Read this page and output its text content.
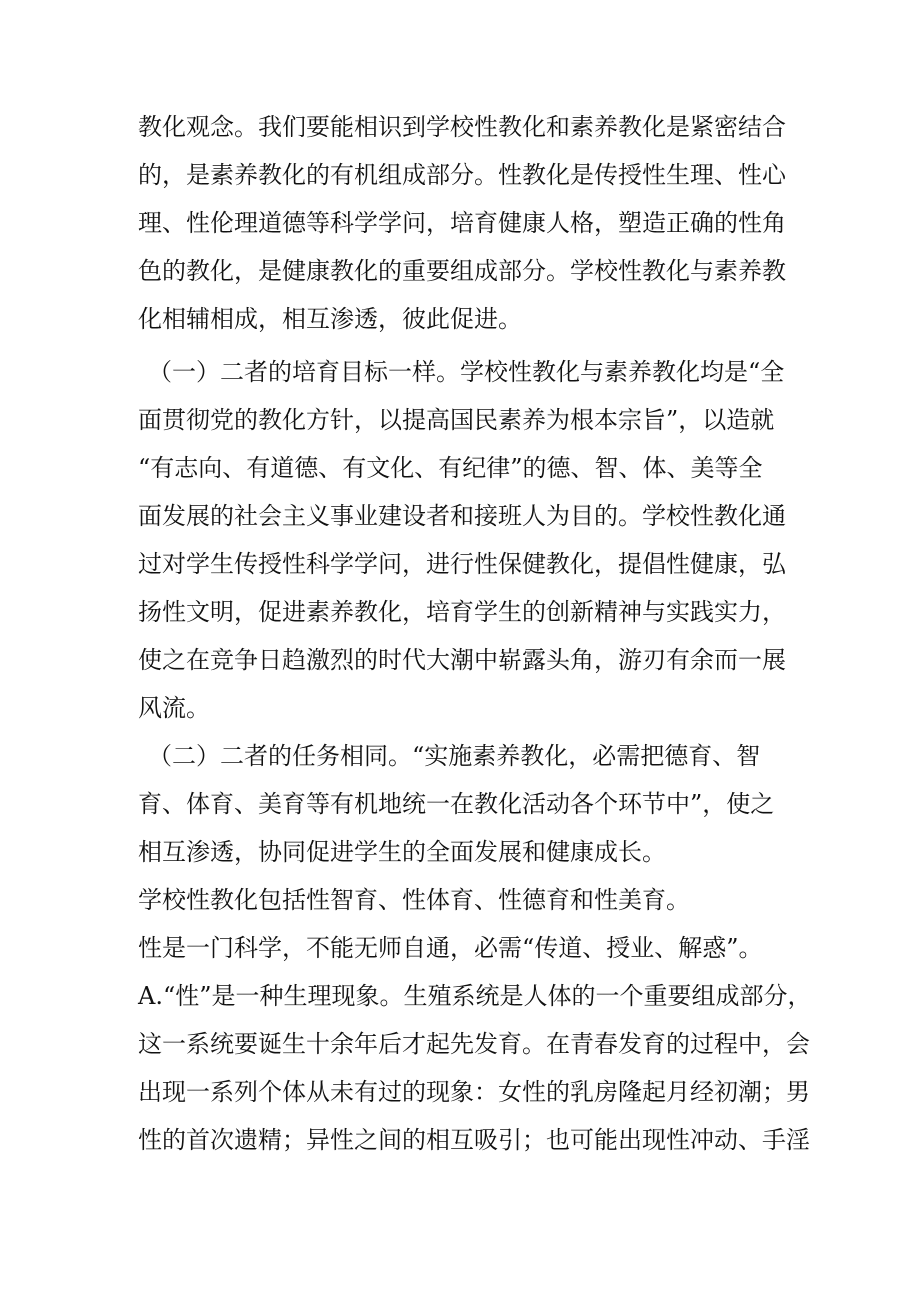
教化观念。我们要能相识到学校性教化和素养教化是紧密结合
的，是素养教化的有机组成部分。性教化是传授性生理、性心
理、性伦理道德等科学学问，培育健康人格，塑造正确的性角
色的教化，是健康教化的重要组成部分。学校性教化与素养教
化相辅相成，相互渗透，彼此促进。
（一）二者的培育目标一样。学校性教化与素养教化均是“全
面贯彻党的教化方针，以提高国民素养为根本宗旨”，以造就
“有志向、有道德、有文化、有纪律”的德、智、体、美等全
面发展的社会主义事业建设者和接班人为目的。学校性教化通
过对学生传授性科学学问，进行性保健教化，提倡性健康，弘
扬性文明，促进素养教化，培育学生的创新精神与实践实力，
使之在竞争日趋激烈的时代大潮中崭露头角，游刃有余而一展
风流。
（二）二者的任务相同。“实施素养教化，必需把德育、智
育、体育、美育等有机地统一在教化活动各个环节中”，使之
相互渗透，协同促进学生的全面发展和健康成长。
学校性教化包括性智育、性体育、性德育和性美育。
性是一门科学，不能无师自通，必需“传道、授业、解惑”。
A.“性”是一种生理现象。生殖系统是人体的一个重要组成部分，
这一系统要诞生十余年后才起先发育。在青春发育的过程中，会
出现一系列个体从未有过的现象：女性的乳房隆起月经初潮；男
性的首次遗精；异性之间的相互吸引；也可能出现性冲动、手淫
